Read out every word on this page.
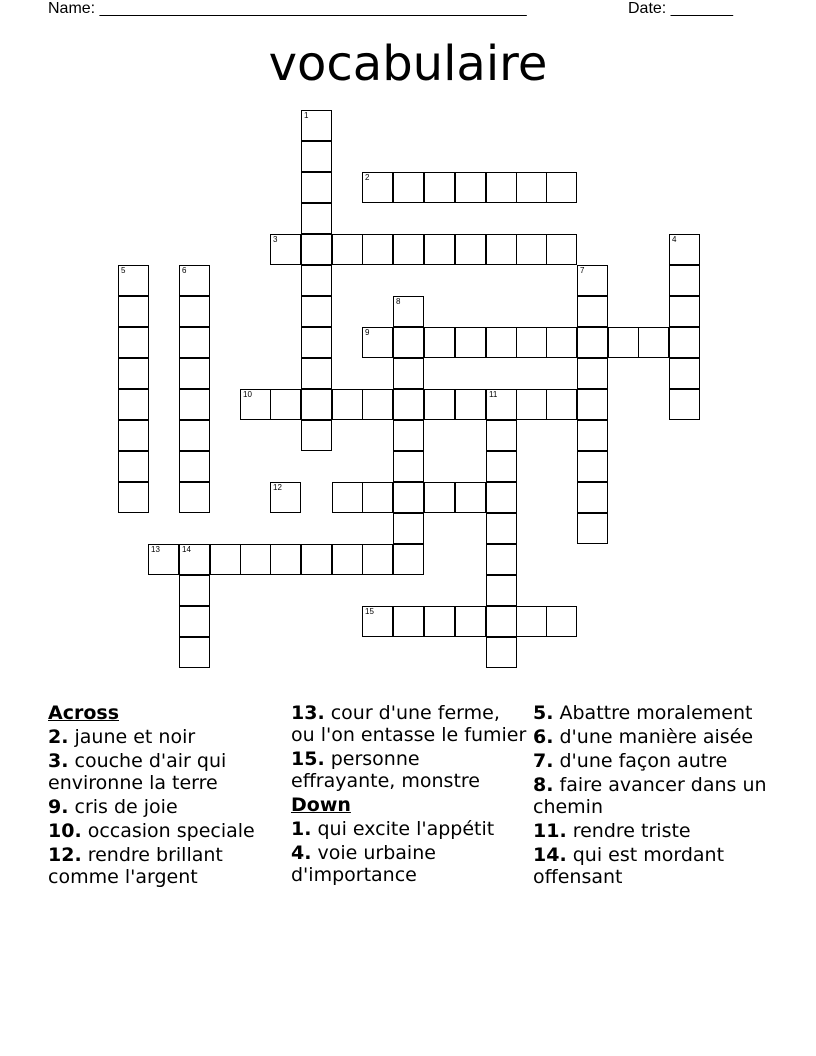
Name: ________________________________________________	Date: _______
vocabulaire
1
2
3	4
5	6	7
8
9
10	11
12
13	14
15
Across
2. jaune et noir
3. couche d'air qui environne la terre
9. cris de joie
10. occasion speciale
12. rendre brillant comme l'argent
13. cour d'une ferme, ou l'on entasse le fumier
15. personne effrayante, monstre
Down
1. qui excite l'appétit
4. voie urbaine d'importance
5. Abattre moralement
6. d'une manière aisée
7. d'une façon autre
8. faire avancer dans un chemin
11. rendre triste
14. qui est mordant offensant
